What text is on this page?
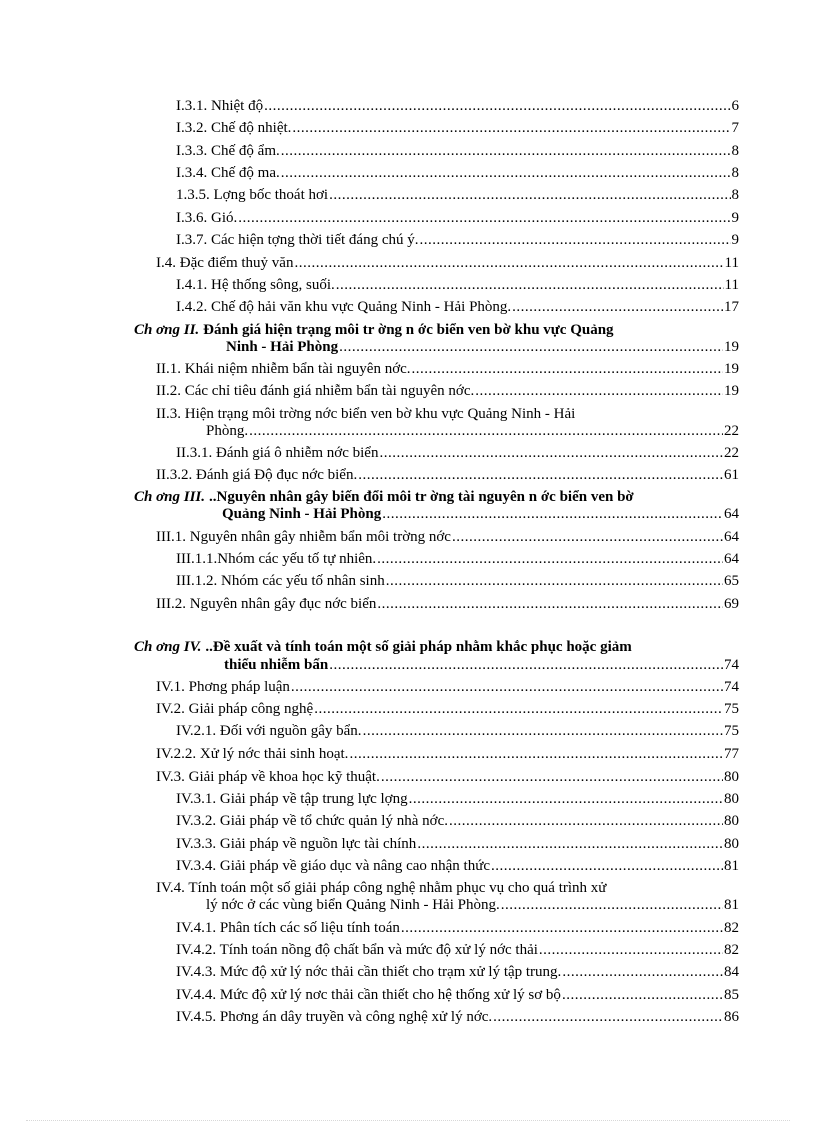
I.3.1. Nhiệt độ .....	6
I.3.2. Chế độ nhiệt. .....	7
I.3.3. Chế độ ẩm. .....	8
I.3.4. Chế độ ma. .....	8
1.3.5. Lợng bốc thoát hơi .....	8
I.3.6. Gió. .....	9
I.3.7. Các hiện tợng thời tiết đáng chú ý. .....	9
I.4. Đặc điểm thuỷ văn .....	11
I.4.1. Hệ thống sông, suối. .....	11
I.4.2. Chế độ hải văn khu vực Quảng Ninh - Hải Phòng. .....	17
Ch ơng II. Đánh giá hiện trạng môi tr ờng n ớc biển ven bờ khu vực Quảng
Ninh - Hải Phòng .....	19
II.1. Khái niệm nhiễm bẩn tài nguyên nớc. .....	19
II.2. Các chỉ tiêu đánh giá nhiễm bẩn tài nguyên nớc. .....	19
II.3. Hiện trạng môi trờng nớc biển ven bờ khu vực Quảng Ninh - Hải
Phòng. .....	22
II.3.1. Đánh giá ô nhiễm nớc biển .....	22
II.3.2. Đánh giá Độ đục nớc biển. .....	61
Ch ơng III. ..Nguyên nhân gây biến đổi môi tr ờng tài nguyên n ớc biển ven bờ
Quảng Ninh - Hải Phòng .....	64
III.1. Nguyên nhân gây nhiễm bẩn môi trờng nớc .....	64
III.1.1.Nhóm các yếu tố tự nhiên. .....	64
III.1.2. Nhóm các yếu tố nhân sinh .....	65
III.2. Nguyên nhân gây đục nớc biển .....	69
Ch ơng IV. ..Đề xuất và tính toán một số giải pháp nhằm khắc phục hoặc giảm
thiểu nhiễm bẩn .....	74
IV.1. Phơng pháp luận .....	74
IV.2. Giải pháp công nghệ .....	75
IV.2.1. Đối với nguồn gây bẩn. .....	75
IV.2.2. Xử lý nớc thải sinh hoạt. .....	77
IV.3. Giải pháp về khoa học kỹ thuật. .....	80
IV.3.1. Giải pháp về tập trung lực lợng .....	80
IV.3.2. Giải pháp về tổ chức quản lý nhà nớc. .....	80
IV.3.3. Giải pháp về nguồn lực tài chính .....	80
IV.3.4. Giải pháp về giáo dục và nâng cao nhận thức .....	81
IV.4. Tính toán một số giải pháp công nghệ nhằm phục vụ cho quá trình xử
lý nớc ở các vùng biển Quảng Ninh - Hải Phòng. .....	81
IV.4.1. Phân tích các số liệu tính toán .....	82
IV.4.2. Tính toán nồng độ chất bẩn và mức độ xử lý nớc thải .....	82
IV.4.3. Mức độ xử lý nớc thải cần thiết cho trạm xử lý tập trung. .....	84
IV.4.4. Mức độ xử lý nơc thải cần thiết cho hệ thống xử lý sơ bộ .....	85
IV.4.5. Phơng án dây truyền và công nghệ xử lý nớc. .....	86
